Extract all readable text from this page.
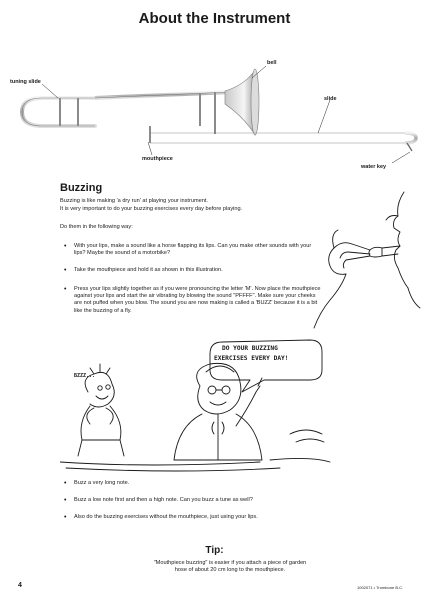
About the Instrument
tuning slide
bell
slide
mouthpiece
water key
Buzzing
Buzzing is like making 'a dry run' at playing your instrument.
It is very important to do your buzzing exercises every day before playing.
Do them in the following way:
• With your lips, make a sound like a horse flapping its lips. Can you make other sounds with your lips? Maybe the sound of a motorbike?
• Take the mouthpiece and hold it as shown in this illustration.
• Press your lips slightly together as if you were pronouncing the letter 'M'. Now place the mouthpiece against your lips and start the air vibrating by blowing the sound "PFFFF". Make sure your cheeks are not puffed when you blow. The sound you are now making is called a 'BUZZ' because it is a bit like the buzzing of a fly.
DO YOUR BUZZING
EXERCISES EVERY DAY!
BZZZ...
• Buzz a very long note.
• Buzz a low note first and then a high note. Can you buzz a tune as well?
• Also do the buzzing exercises without the mouthpiece, just using your lips.
Tip:
"Mouthpiece buzzing" is easier if you attach a piece of garden hose of about 20 cm long to the mouthpiece.
4	1002071 • Trombone B.C.
